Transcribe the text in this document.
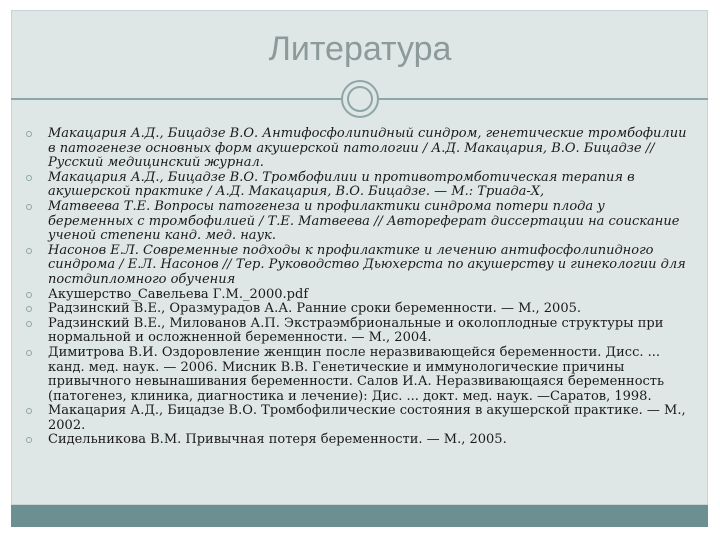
Литература
Макацария А.Д., Бицадзе В.О. Антифосфолипидный синдром, генетические тромбофилии в патогенезе основных форм акушерской патологии / А.Д. Макацария, В.О. Бицадзе // Русский медицинский журнал.
Макацария А.Д., Бицадзе В.О. Тромбофилии и противотромботическая терапия в акушерской практике / А.Д. Макацария, В.О. Бицадзе. — М.: Триада-Х,
Матвеева Т.Е. Вопросы патогенеза и профилактики синдрома потери плода у беременных с тромбофилией / Т.Е. Матвеева // Автореферат диссертации на соискание ученой степени канд. мед. наук.
Насонов Е.Л. Современные подходы к профилактике и лечению антифосфолипидного синдрома / Е.Л. Насонов // Тер. Руководство Дьюхерста по акушерству и гинекологии для постдипломного обучения
Акушерство_Савельева Г.М._2000.pdf
Радзинский В.Е., Оразмурадов А.А. Ранние сроки беременности. — М., 2005.
Радзинский В.Е., Милованов А.П. Экстраэмбриональные и околоплодные структуры при нормальной и осложненной беременности. — М., 2004.
Димитрова В.И. Оздоровление женщин после неразвивающейся беременности. Дисс. ... канд. мед. наук. — 2006. Мисник В.В. Генетические и иммунологические причины привычного невынашивания беременности. Салов И.А. Неразвивающаяся беременность (патогенез, клиника, диагностика и лечение): Дис. ... докт. мед. наук. —Саратов, 1998.
Макацария А.Д., Бицадзе В.О. Тромбофилические состояния в акушерской практике. — М., 2002.
Сидельникова В.М. Привычная потеря беременности. — М., 2005.
